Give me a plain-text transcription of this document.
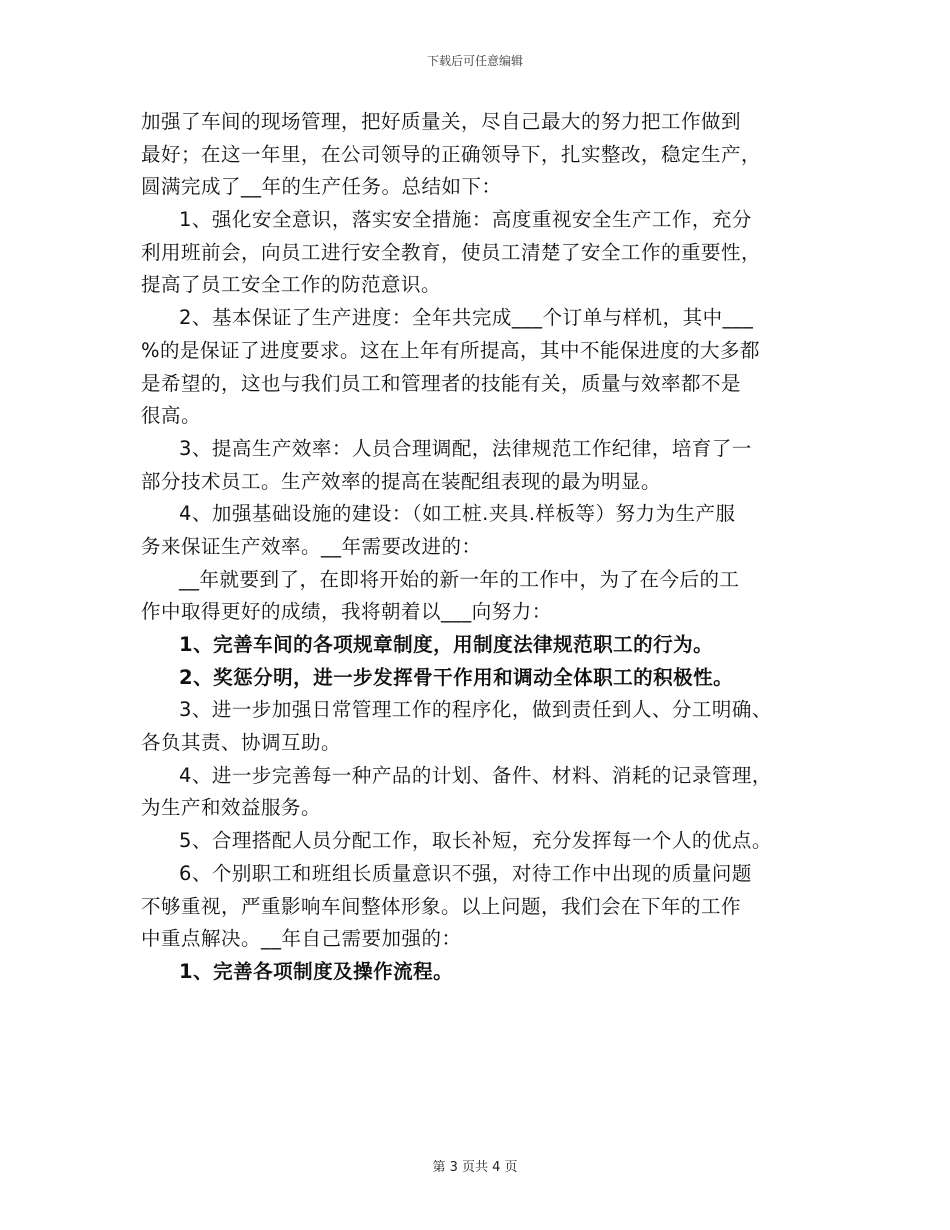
下载后可任意编辑
加强了车间的现场管理，把好质量关，尽自己最大的努力把工作做到
最好；在这一年里，在公司领导的正确领导下，扎实整改，稳定生产，
圆满完成了__年的生产任务。总结如下：
1、强化安全意识，落实安全措施：高度重视安全生产工作，充分
利用班前会，向员工进行安全教育，使员工清楚了安全工作的重要性，
提高了员工安全工作的防范意识。
2、基本保证了生产进度：全年共完成___个订单与样机，其中___
%的是保证了进度要求。这在上年有所提高，其中不能保进度的大多都
是希望的，这也与我们员工和管理者的技能有关，质量与效率都不是
很高。
3、提高生产效率：人员合理调配，法律规范工作纪律，培育了一
部分技术员工。生产效率的提高在装配组表现的最为明显。
4、加强基础设施的建设：（如工桩.夹具.样板等）努力为生产服
务来保证生产效率。__年需要改进的：
__年就要到了，在即将开始的新一年的工作中，为了在今后的工
作中取得更好的成绩，我将朝着以___向努力：
1、完善车间的各项规章制度，用制度法律规范职工的行为。
2、奖惩分明，进一步发挥骨干作用和调动全体职工的积极性。
3、进一步加强日常管理工作的程序化，做到责任到人、分工明确、
各负其责、协调互助。
4、进一步完善每一种产品的计划、备件、材料、消耗的记录管理，
为生产和效益服务。
5、合理搭配人员分配工作，取长补短，充分发挥每一个人的优点。
6、个别职工和班组长质量意识不强，对待工作中出现的质量问题
不够重视，严重影响车间整体形象。以上问题，我们会在下年的工作
中重点解决。__年自己需要加强的：
1、完善各项制度及操作流程。
第 3 页共 4 页
